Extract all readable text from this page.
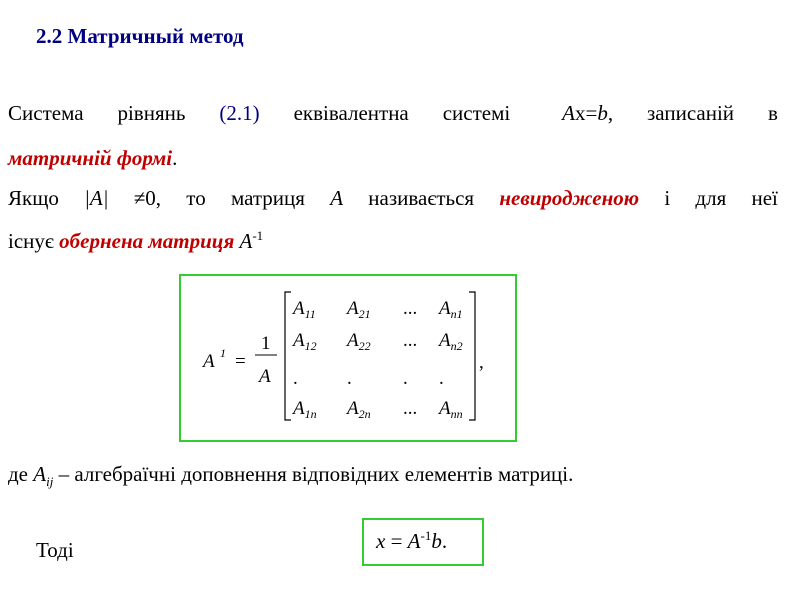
2.2 Матричный метод
Система рівнянь (2.1) еквівалентна системі Ax=b, записаній в
матричній формі.
Якщо |A| ≠0, то матриця A називається невиродженою і для неї
існує обернена матриця $A^{-1}$
A 1 =
1
A
$A_{11}$ $A_{21}$ ... $A_{n1}$
$A_{12}$ $A_{22}$ ... $A_{n2}$
.	.	. .
$A_{1n}$ $A_{2n}$ ... $A_{nn}$
,
де $A_{ij}$ – алгебраїчні доповнення відповідних елементів матриці.
Тоді	$x = A^{-1}b$.
